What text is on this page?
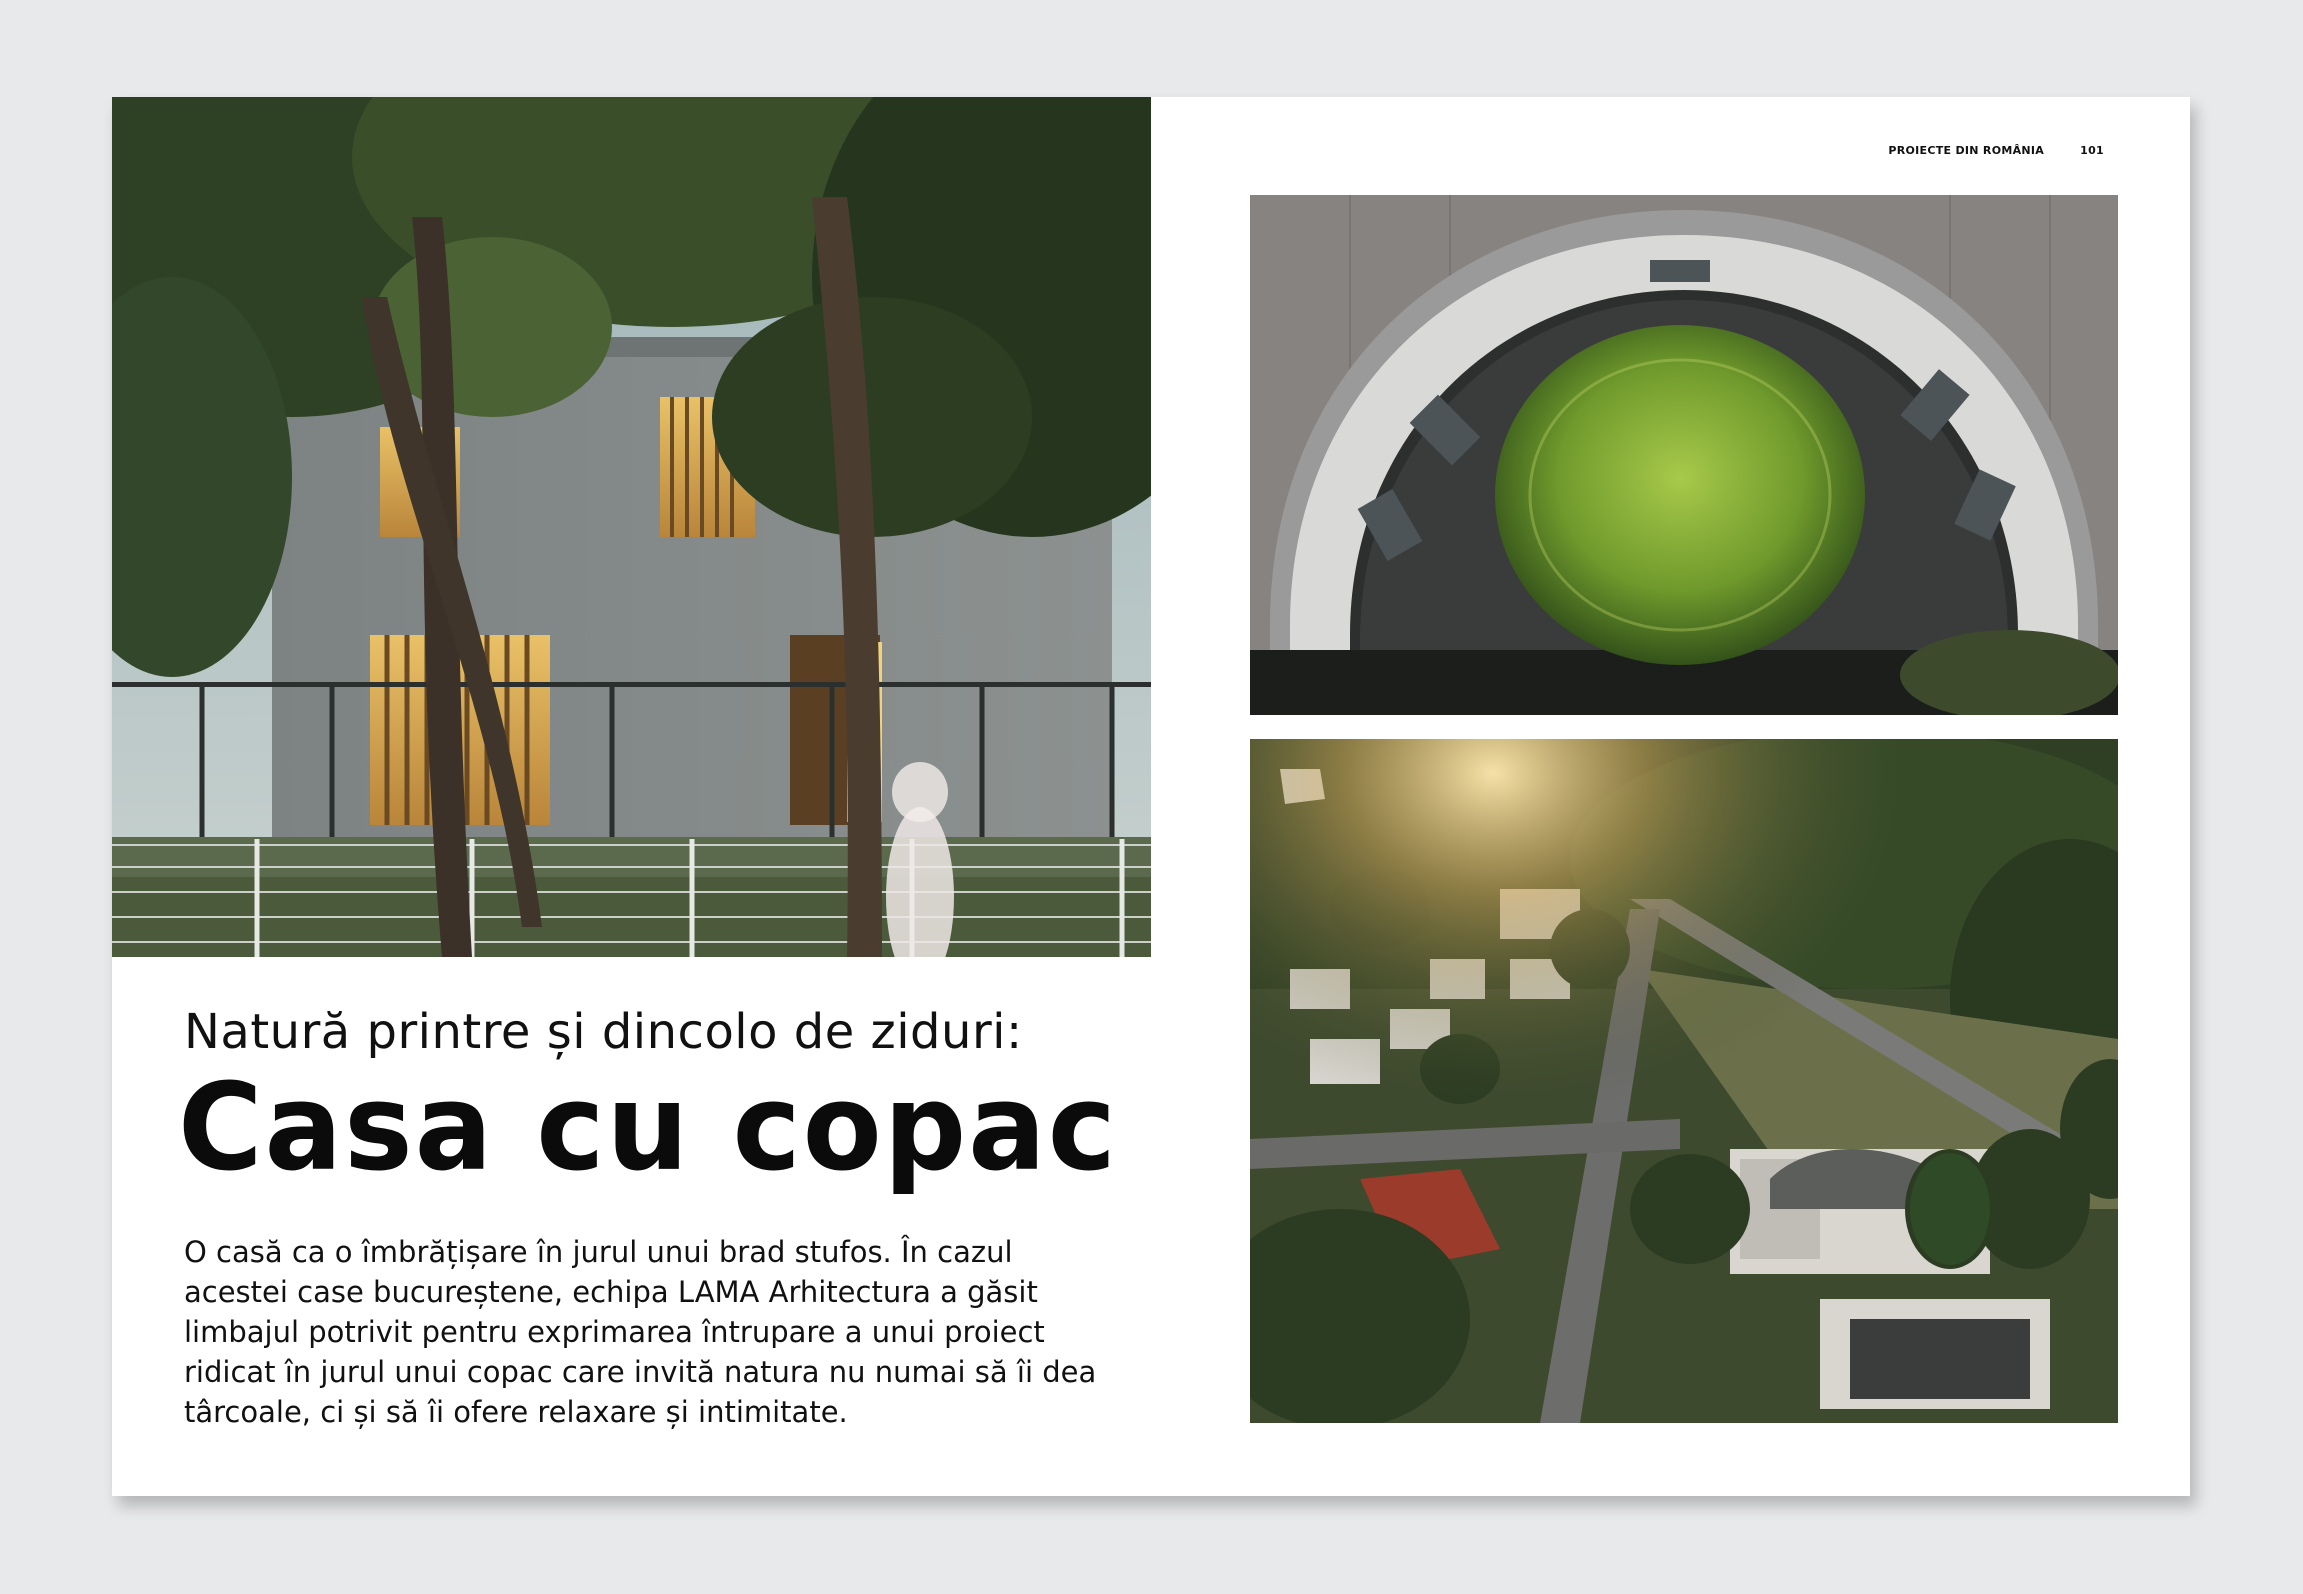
PROIECTE DIN ROMÂNIA	101
Natură printre și dincolo de ziduri:
Casa cu copac
O casă ca o îmbrățișare în jurul unui brad stufos. În cazul
acestei case bucureștene, echipa LAMA Arhitectura a găsit
limbajul potrivit pentru exprimarea întrupare a unui proiect
ridicat în jurul unui copac care invită natura nu numai să îi dea
târcoale, ci și să îi ofere relaxare și intimitate.
